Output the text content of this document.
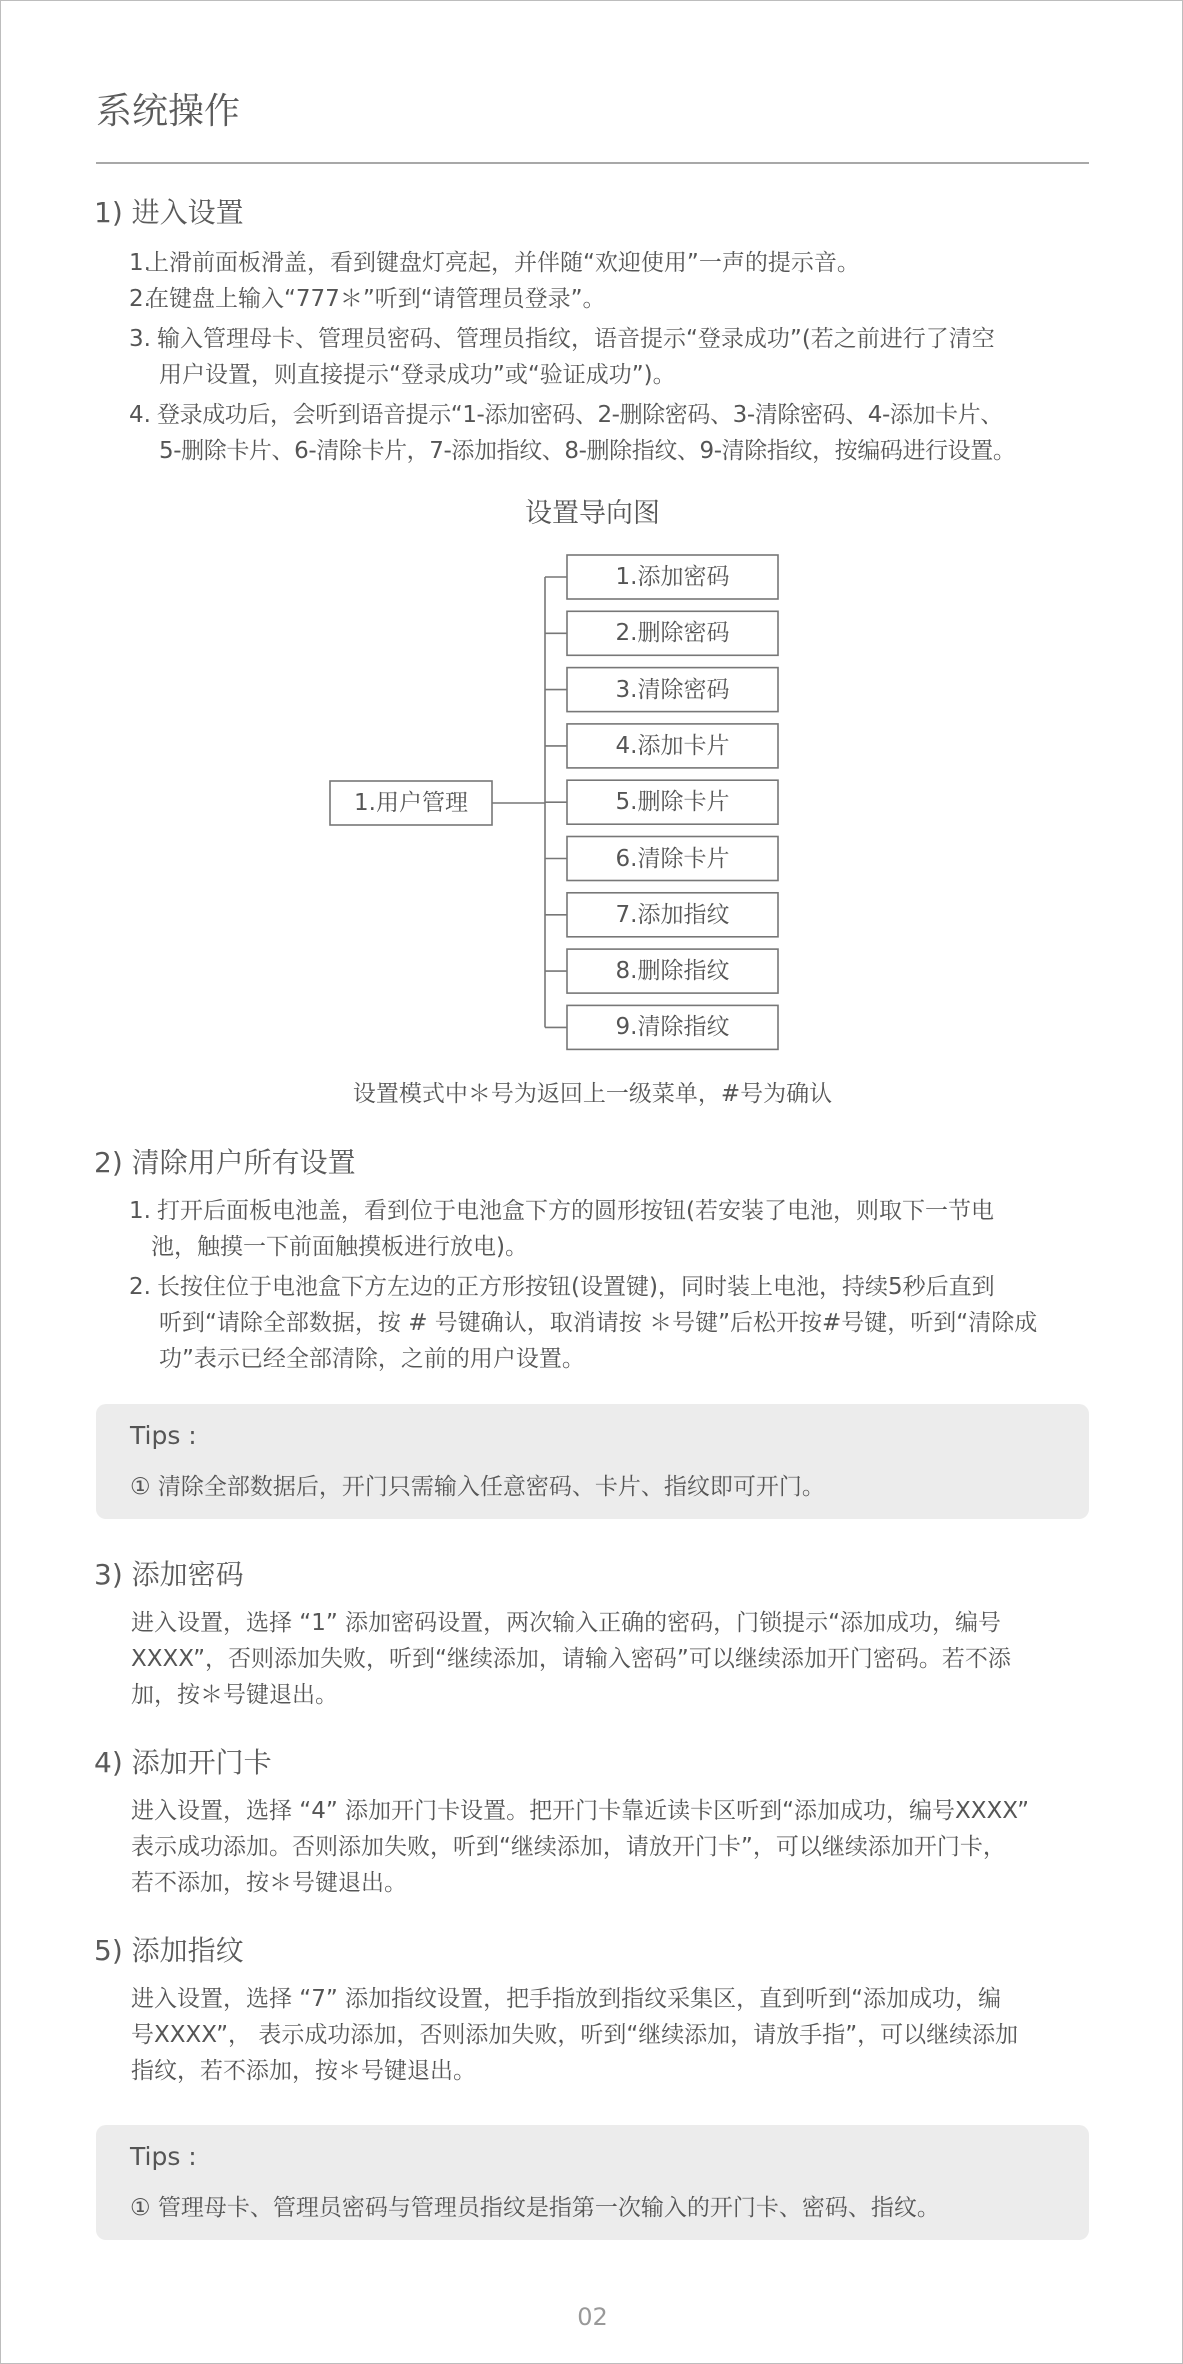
系统操作
1) 进入设置
1.
上滑前面板滑盖，看到键盘灯亮起，并伴随“欢迎使用”一声的提示音。
2.
在键盘上输入“777＊”听到“请管理员登录”。
3. 输入管理母卡、管理员密码、管理员指纹，语音提示“登录成功”(若之前进行了清空
用户设置，则直接提示“登录成功”或“验证成功”)。
4. 登录成功后，会听到语音提示“1-添加密码、2-删除密码、3-清除密码、4-添加卡片、
5-删除卡片、6-清除卡片，7-添加指纹、8-删除指纹、9-清除指纹，按编码进行设置。
设置导向图
1.用户管理
1.添加密码
2.删除密码
3.清除密码
4.添加卡片
5.删除卡片
6.清除卡片
7.添加指纹
8.删除指纹
9.清除指纹
设置模式中＊号为返回上一级菜单，#号为确认
2) 清除用户所有设置
1. 打开后面板电池盖，看到位于电池盒下方的圆形按钮(若安装了电池，则取下一节电
池，触摸一下前面触摸板进行放电)。
2. 长按住位于电池盒下方左边的正方形按钮(设置键)，同时装上电池，持续5秒后直到
听到“请除全部数据，按 # 号键确认，取消请按 ＊号键”后松开按#号键，听到“清除成
功”表示已经全部清除，之前的用户设置。
Tips :
① 清除全部数据后，开门只需输入任意密码、卡片、指纹即可开门。
3) 添加密码
进入设置，选择 “1” 添加密码设置，两次输入正确的密码，门锁提示“添加成功，编号
XXXX”，否则添加失败，听到“继续添加，请输入密码”可以继续添加开门密码。若不添
加，按＊号键退出。
4) 添加开门卡
进入设置，选择 “4” 添加开门卡设置。把开门卡靠近读卡区听到“添加成功，编号XXXX”
表示成功添加。否则添加失败，听到“继续添加，请放开门卡”，可以继续添加开门卡，
若不添加，按＊号键退出。
5) 添加指纹
进入设置，选择 “7” 添加指纹设置，把手指放到指纹采集区，直到听到“添加成功，编
号XXXX”， 表示成功添加，否则添加失败，听到“继续添加，请放手指”，可以继续添加
指纹，若不添加，按＊号键退出。
Tips :
① 管理母卡、管理员密码与管理员指纹是指第一次输入的开门卡、密码、指纹。
02
